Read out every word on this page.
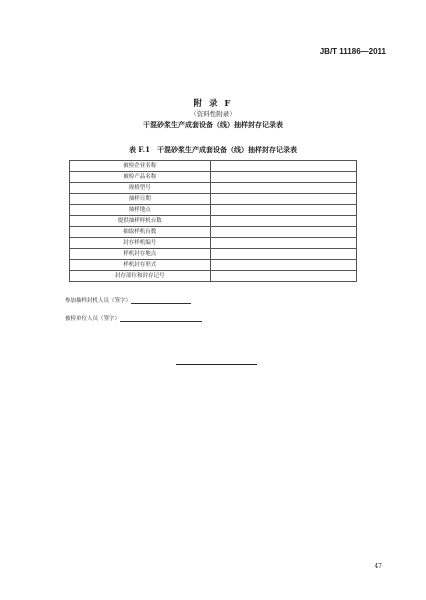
JB/T 11186—2011
附 录 F
（资料性附录）
干混砂浆生产成套设备（线）抽样封存记录表
表 F.1　干混砂浆生产成套设备（线）抽样封存记录表
被检企业名称	
被检产品名称	
规格型号	
抽样日期	
抽样地点	
提供抽样样机台数	
抽取样机台数	
封存样机编号	
样机封存地点	
样机封存形式	
封存部位和封存记号	
参加抽样封机人员（签字）
被检单位人员（签字）
47
